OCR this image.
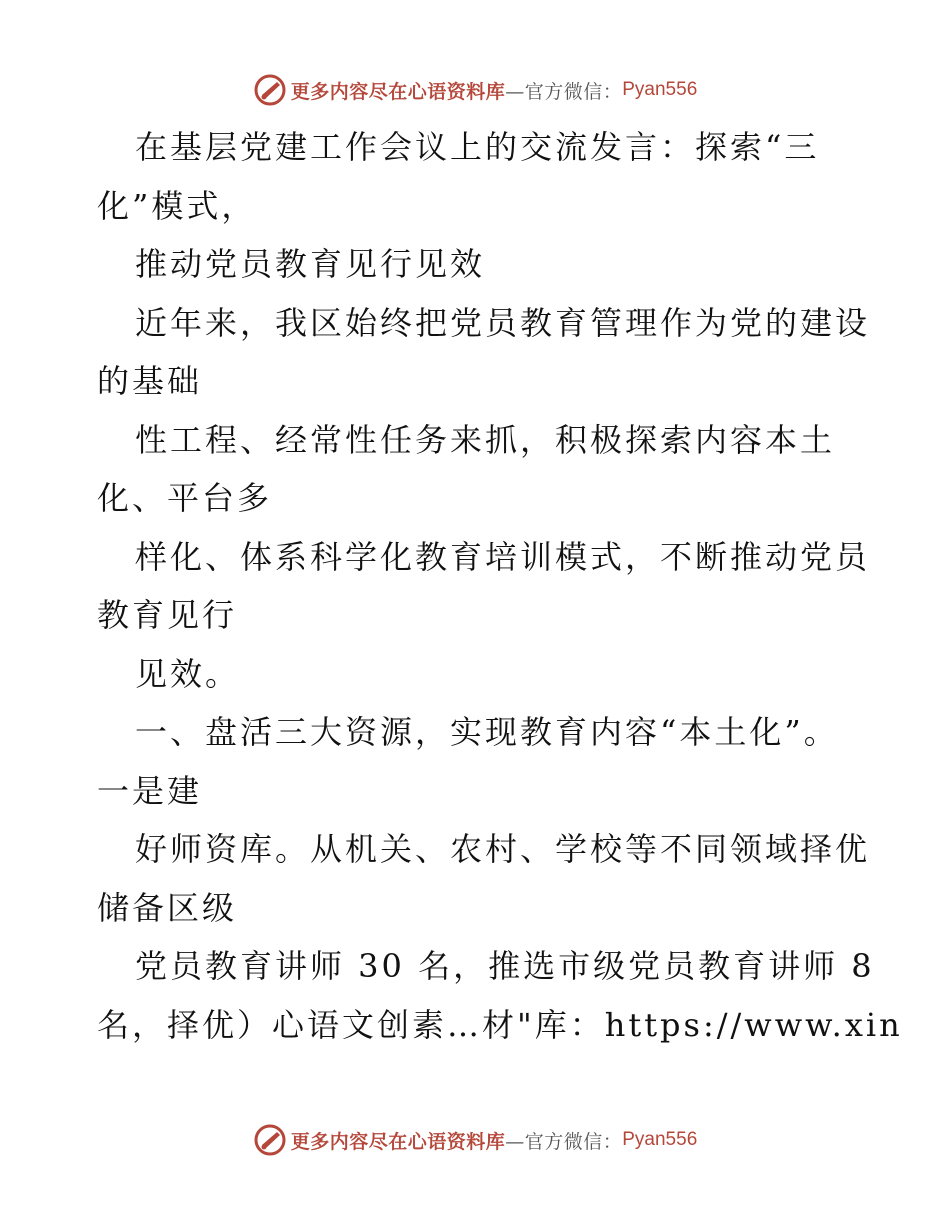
更多内容尽在心语资料库 —官方微信： Pyan556
在基层党建工作会议上的交流发言：探索“三
化”模式，
推动党员教育见行见效
近年来，我区始终把党员教育管理作为党的建设
的基础
性工程、经常性任务来抓，积极探索内容本土
化、平台多
样化、体系科学化教育培训模式，不断推动党员
教育见行
见效。
一、盘活三大资源，实现教育内容“本土化”。
一是建
好师资库。从机关、农村、学校等不同领域择优
储备区级
党员教育讲师 30 名，推选市级党员教育讲师 8
名，择优）心语文创素…材"库：https://www.xin
更多内容尽在心语资料库 —官方微信： Pyan556
